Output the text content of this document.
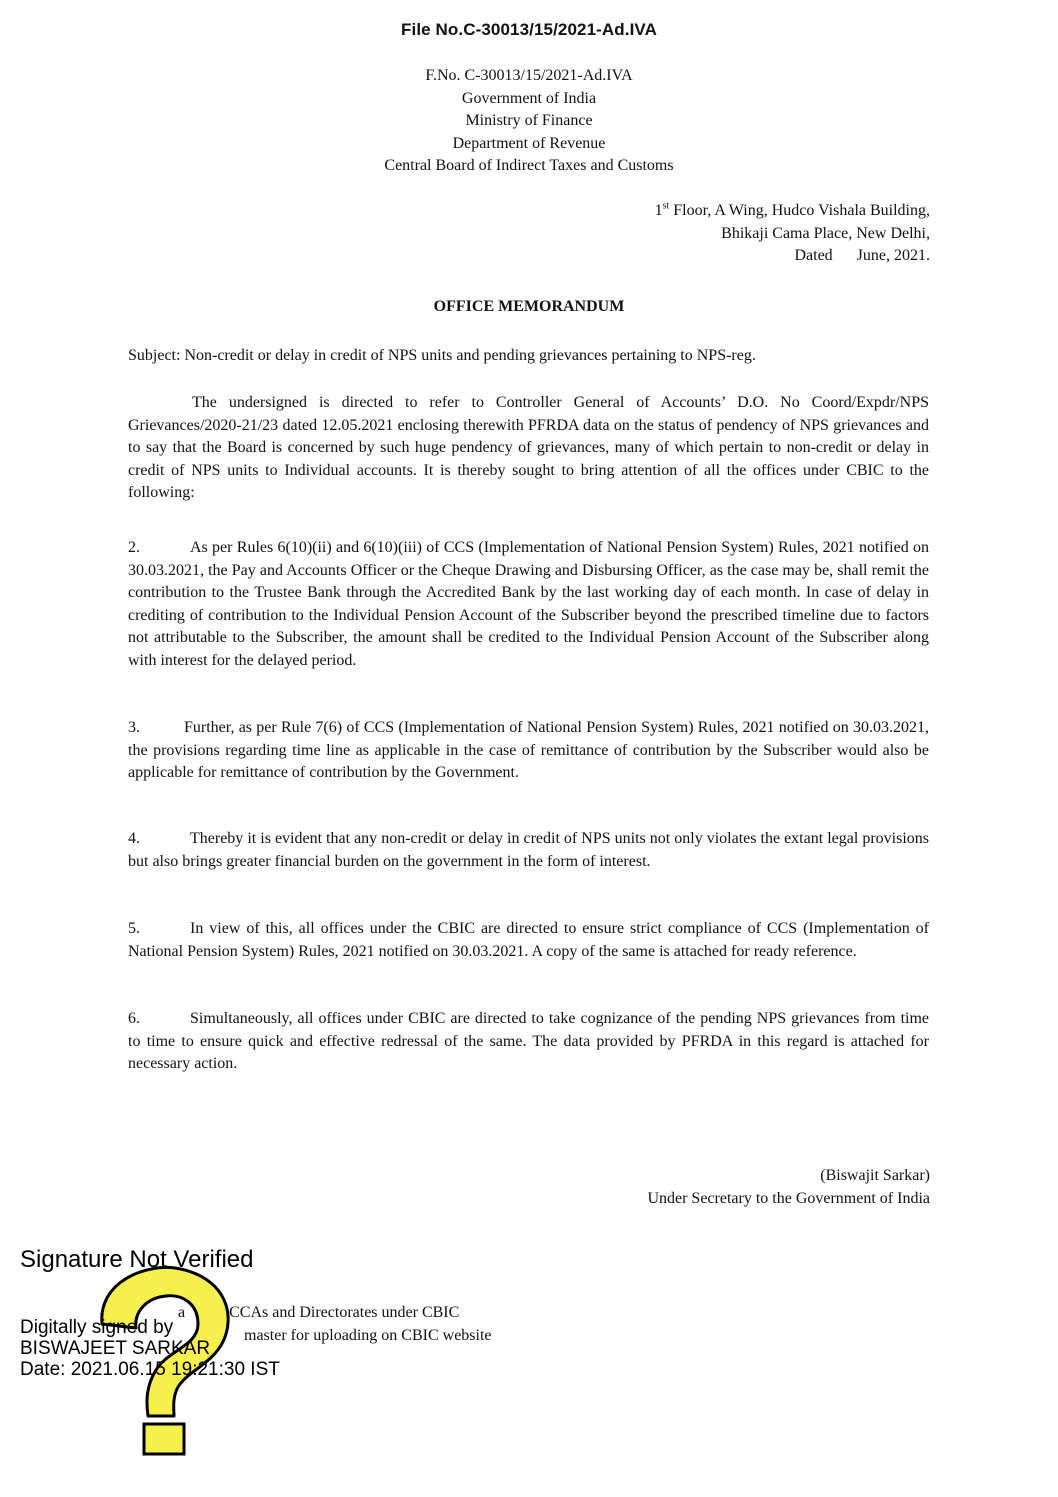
File No.C-30013/15/2021-Ad.IVA
F.No. C-30013/15/2021-Ad.IVA
Government of India
Ministry of Finance
Department of Revenue
Central Board of Indirect Taxes and Customs
1st Floor, A Wing, Hudco Vishala Building,
Bhikaji Cama Place, New Delhi,
Dated      June, 2021.
OFFICE MEMORANDUM
Subject: Non-credit or delay in credit of NPS units and pending grievances pertaining to NPS-reg.
The undersigned is directed to refer to Controller General of Accounts’ D.O. No Coord/Expdr/NPS Grievances/2020-21/23 dated 12.05.2021 enclosing therewith PFRDA data on the status of pendency of NPS grievances and to say that the Board is concerned by such huge pendency of grievances, many of which pertain to non-credit or delay in credit of NPS units to Individual accounts. It is thereby sought to bring attention of all the offices under CBIC to the following:
2.	As per Rules 6(10)(ii) and 6(10)(iii) of CCS (Implementation of National Pension System) Rules, 2021 notified on 30.03.2021, the Pay and Accounts Officer or the Cheque Drawing and Disbursing Officer, as the case may be, shall remit the contribution to the Trustee Bank through the Accredited Bank by the last working day of each month. In case of delay in crediting of contribution to the Individual Pension Account of the Subscriber beyond the prescribed timeline due to factors not attributable to the Subscriber, the amount shall be credited to the Individual Pension Account of the Subscriber along with interest for the delayed period.
3.	Further, as per Rule 7(6) of CCS (Implementation of National Pension System) Rules, 2021 notified on 30.03.2021, the provisions regarding time line as applicable in the case of remittance of contribution by the Subscriber would also be applicable for remittance of contribution by the Government.
4.	Thereby it is evident that any non-credit or delay in credit of NPS units not only violates the extant legal provisions but also brings greater financial burden on the government in the form of interest.
5.	In view of this, all offices under the CBIC are directed to ensure strict compliance of CCS (Implementation of National Pension System) Rules, 2021 notified on 30.03.2021. A copy of the same is attached for ready reference.
6.	Simultaneously, all offices under CBIC are directed to take cognizance of the pending NPS grievances from time to time to ensure quick and effective redressal of the same. The data provided by PFRDA in this regard is attached for necessary action.
(Biswajit Sarkar)
Under Secretary to the Government of India
a	CCAs and Directorates under CBIC
master for uploading on CBIC website
Signature Not Verified
Digitally signed by
BISWAJEET SARKAR
Date: 2021.06.15 19:21:30 IST
